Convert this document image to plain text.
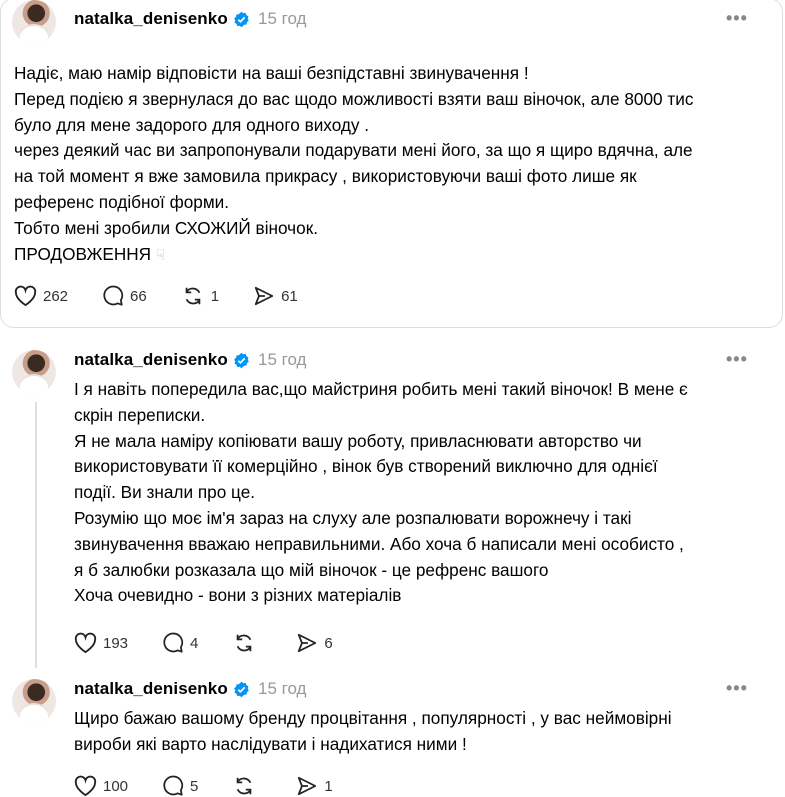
natalka_denisenko 15 год	•••
Надіє, маю намір відповісти на ваші безпідставні звинувачення !
Перед подією я звернулася до вас щодо можливості взяти ваш віночок, але 8000 тис
було для мене задорого для одного виходу .
через деякий час ви запропонували подарувати мені його, за що я щиро вдячна, але
на той момент я вже замовила прикрасу , використовуючи ваші фото лише як
референс подібної форми.
Тобто мені зробили СХОЖИЙ віночок.
ПРОДОВЖЕННЯ ☟
262	66	1	61
natalka_denisenko 15 год	•••
І я навіть попередила вас,що майстриня робить мені такий віночок! В мене є
скрін переписки.
Я не мала наміру копіювати вашу роботу, привласнювати авторство чи
використовувати її комерційно , вінок був створений виключно для однієї
події. Ви знали про це.
Розумію що моє ім'я зараз на слуху але розпалювати ворожнечу і такі
звинувачення вважаю неправильними. Або хоча б написали мені особисто ,
я б залюбки розказала що мій віночок - це рефренс вашого
Хоча очевидно - вони з різних матеріалів
193	4	6
natalka_denisenko 15 год	•••
Щиро бажаю вашому бренду процвітання , популярності , у вас неймовірні
вироби які варто наслідувати і надихатися ними !
100	5	1
